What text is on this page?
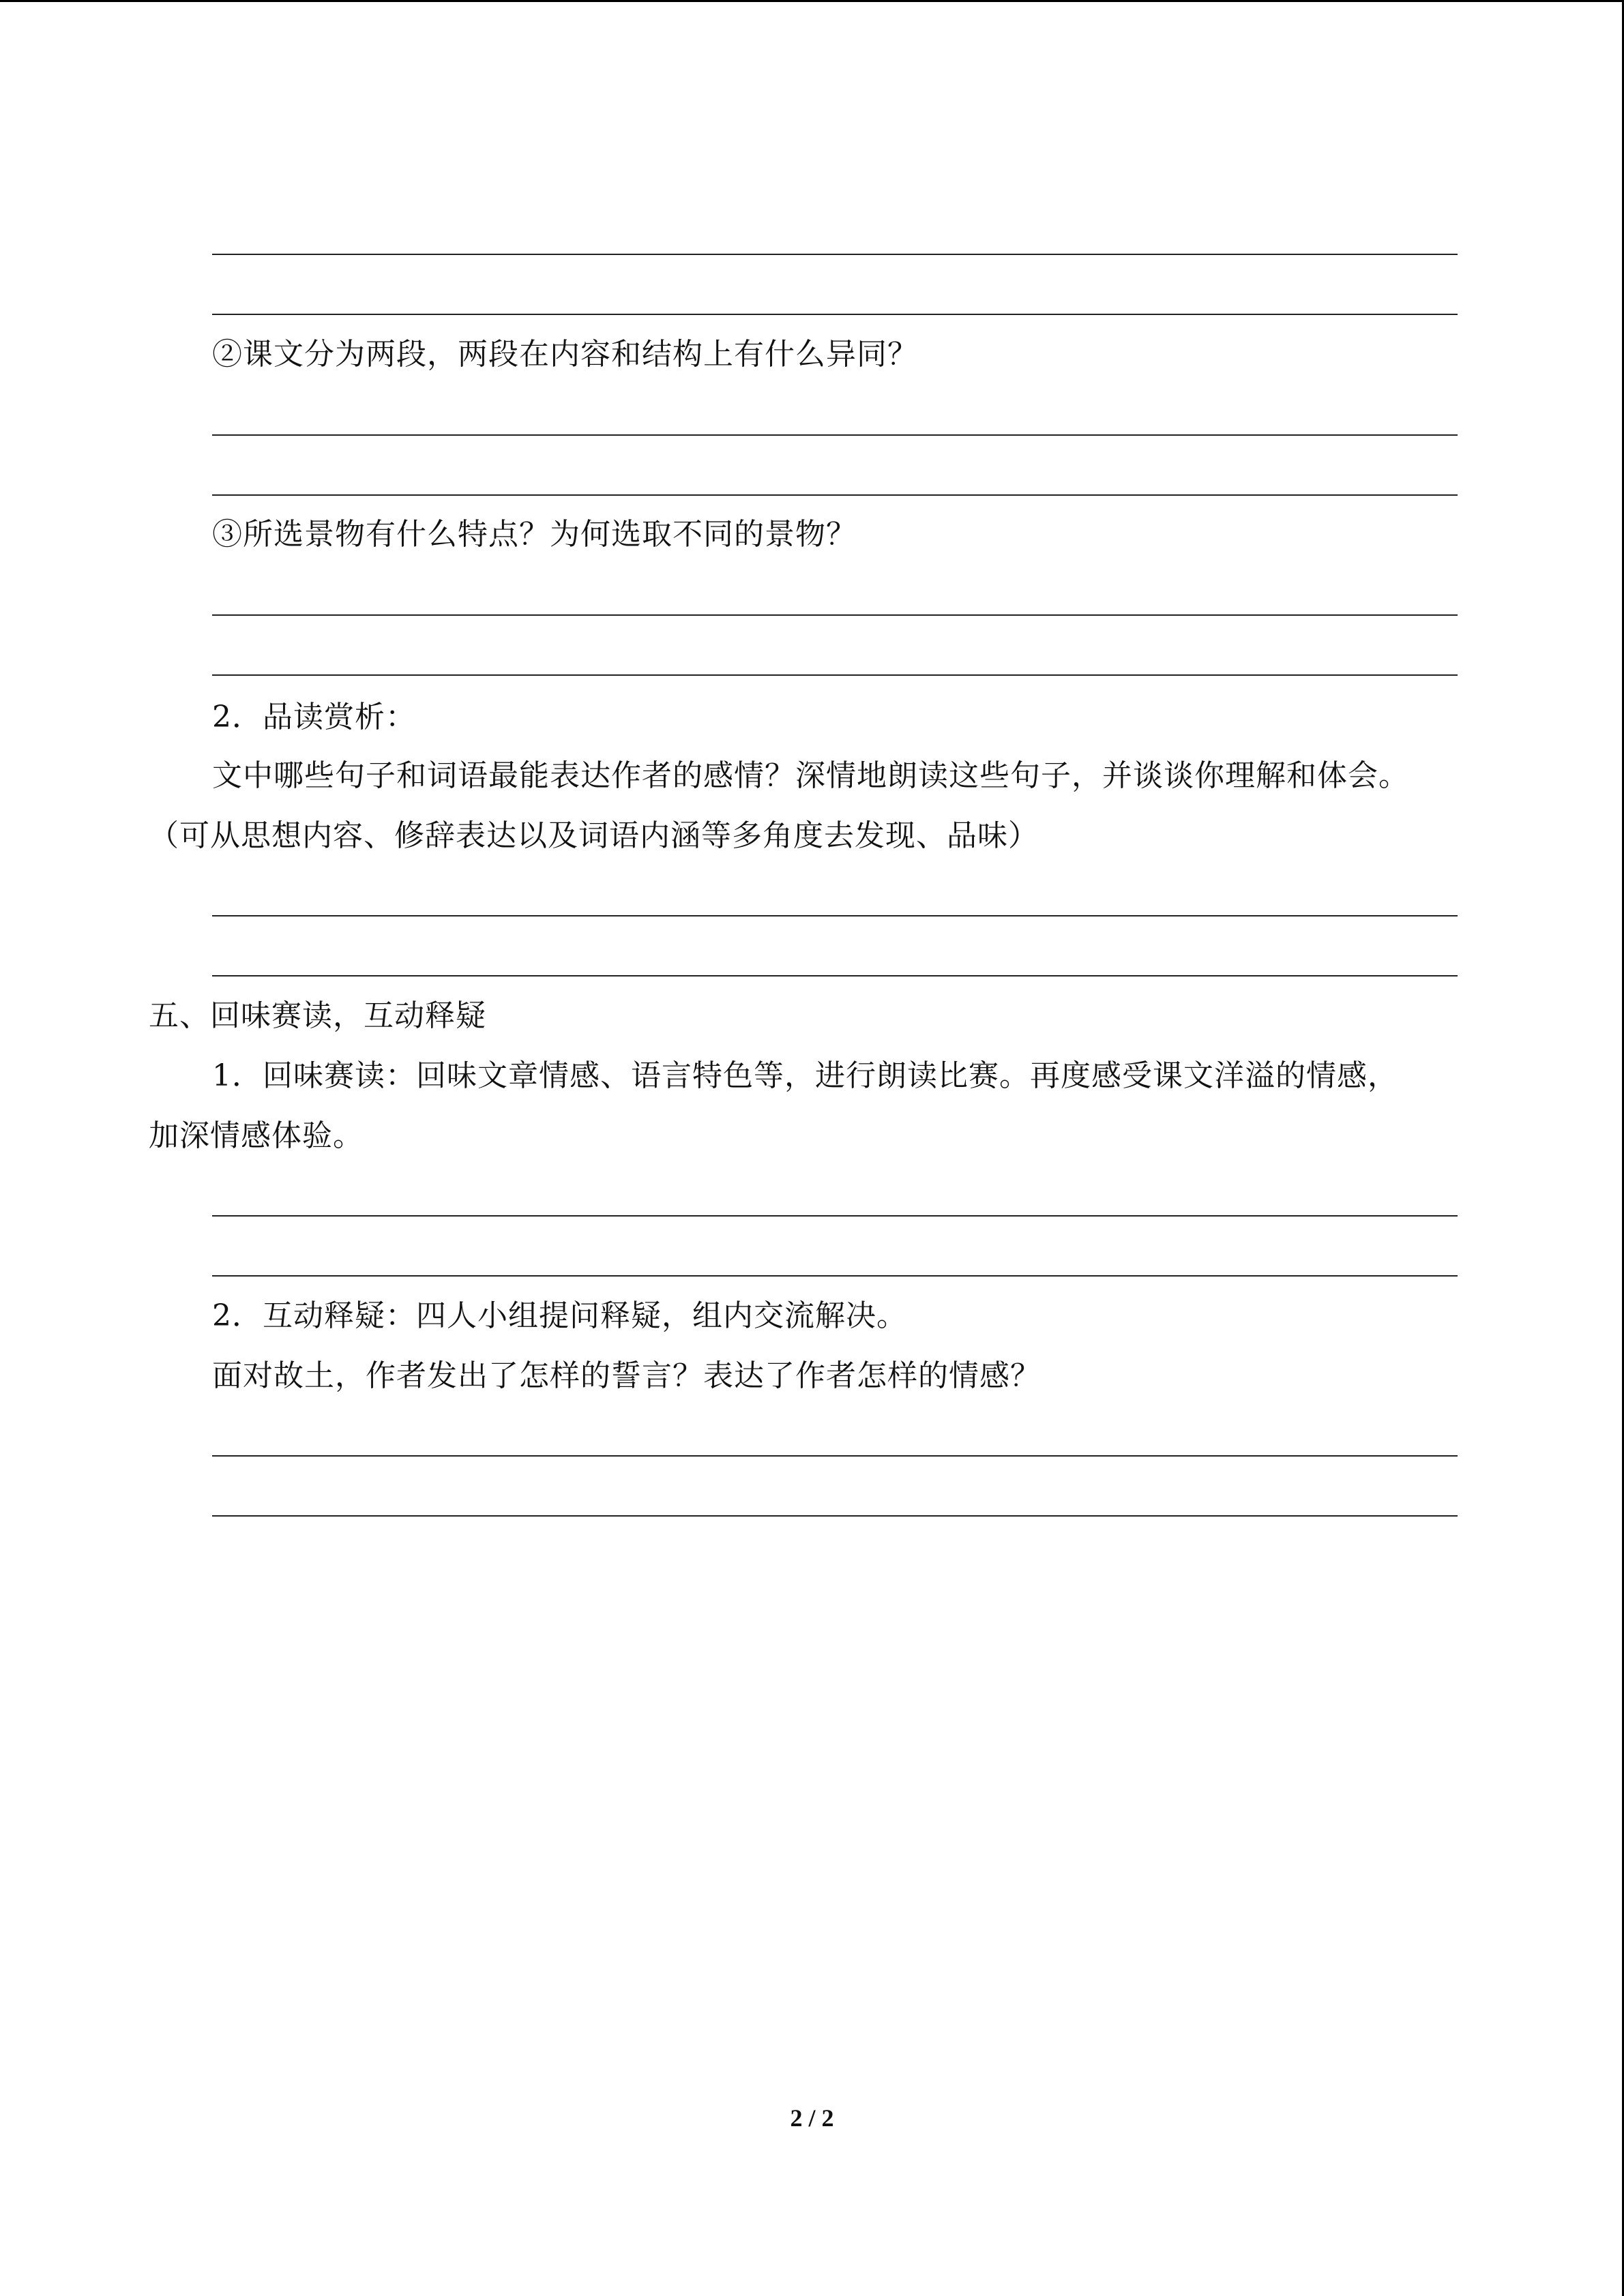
②课文分为两段，两段在内容和结构上有什么异同？
③所选景物有什么特点？为何选取不同的景物？
2．品读赏析：
文中哪些句子和词语最能表达作者的感情？深情地朗读这些句子，并谈谈你理解和体会。
（可从思想内容、修辞表达以及词语内涵等多角度去发现、品味）
五、回味赛读，互动释疑
1．回味赛读：回味文章情感、语言特色等，进行朗读比赛。再度感受课文洋溢的情感，
加深情感体验。
2．互动释疑：四人小组提问释疑，组内交流解决。
面对故土，作者发出了怎样的誓言？表达了作者怎样的情感？
2 / 2
